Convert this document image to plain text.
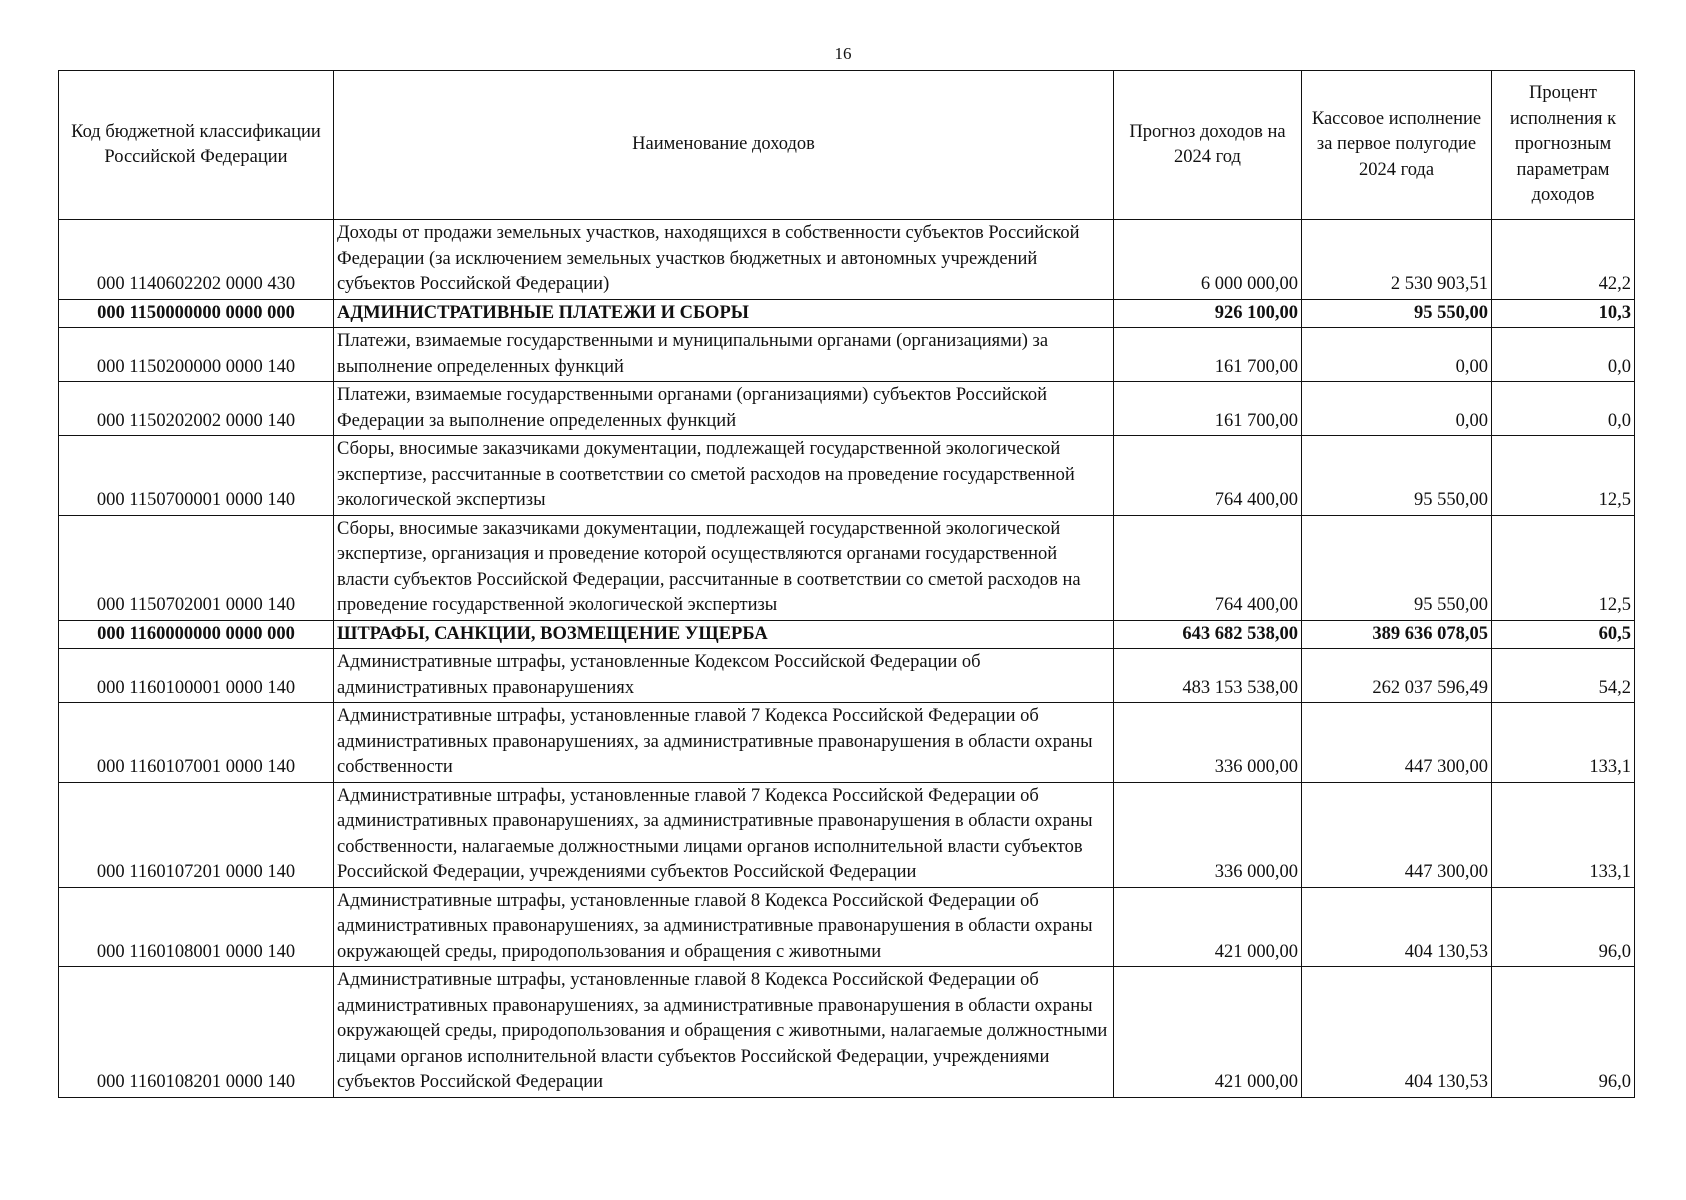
16
Код бюджетной классификации Российской Федерации	Наименование доходов	Прогноз доходов на 2024 год	Кассовое исполнение за первое полугодие 2024 года	Процент исполнения к прогнозным параметрам доходов
000 1140602202 0000 430	Доходы от продажи земельных участков, находящихся в собственности субъектов Российской Федерации (за исключением земельных участков бюджетных и автономных учреждений субъектов Российской Федерации)	6 000 000,00	2 530 903,51	42,2
000 1150000000 0000 000	АДМИНИСТРАТИВНЫЕ ПЛАТЕЖИ И СБОРЫ	926 100,00	95 550,00	10,3
000 1150200000 0000 140	Платежи, взимаемые государственными и муниципальными органами (организациями) за выполнение определенных функций	161 700,00	0,00	0,0
000 1150202002 0000 140	Платежи, взимаемые государственными органами (организациями) субъектов Российской Федерации за выполнение определенных функций	161 700,00	0,00	0,0
000 1150700001 0000 140	Сборы, вносимые заказчиками документации, подлежащей государственной экологической экспертизе, рассчитанные в соответствии со сметой расходов на проведение государственной экологической экспертизы	764 400,00	95 550,00	12,5
000 1150702001 0000 140	Сборы, вносимые заказчиками документации, подлежащей государственной экологической экспертизе, организация и проведение которой осуществляются органами государственной власти субъектов Российской Федерации, рассчитанные в соответствии со сметой расходов на проведение государственной экологической экспертизы	764 400,00	95 550,00	12,5
000 1160000000 0000 000	ШТРАФЫ, САНКЦИИ, ВОЗМЕЩЕНИЕ УЩЕРБА	643 682 538,00	389 636 078,05	60,5
000 1160100001 0000 140	Административные штрафы, установленные Кодексом Российской Федерации об административных правонарушениях	483 153 538,00	262 037 596,49	54,2
000 1160107001 0000 140	Административные штрафы, установленные главой 7 Кодекса Российской Федерации об административных правонарушениях, за административные правонарушения в области охраны собственности	336 000,00	447 300,00	133,1
000 1160107201 0000 140	Административные штрафы, установленные главой 7 Кодекса Российской Федерации об административных правонарушениях, за административные правонарушения в области охраны собственности, налагаемые должностными лицами органов исполнительной власти субъектов Российской Федерации, учреждениями субъектов Российской Федерации	336 000,00	447 300,00	133,1
000 1160108001 0000 140	Административные штрафы, установленные главой 8 Кодекса Российской Федерации об административных правонарушениях, за административные правонарушения в области охраны окружающей среды, природопользования и обращения с животными	421 000,00	404 130,53	96,0
000 1160108201 0000 140	Административные штрафы, установленные главой 8 Кодекса Российской Федерации об административных правонарушениях, за административные правонарушения в области охраны окружающей среды, природопользования и обращения с животными, налагаемые должностными лицами органов исполнительной власти субъектов Российской Федерации, учреждениями субъектов Российской Федерации	421 000,00	404 130,53	96,0
